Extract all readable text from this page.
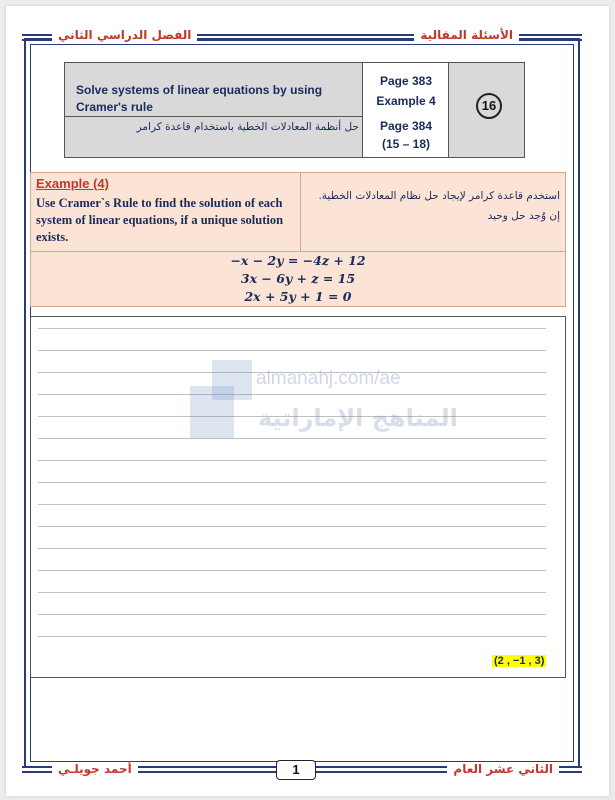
الأسئلة المقالية
الفصل الدراسي الثاني
Solve systems of linear equations by using Cramer's rule
حل أنظمة المعادلات الخطية باستخدام قاعدة كرامر
Page 383
Example 4
Page 384
(15 – 18)
16
Example (4)
Use Cramer`s Rule to find the solution of each system of linear equations, if a unique solution exists.
استخدم قاعدة كرامر لإيجاد حل نظام المعادلات الخطية. إن وُجد حل وحيد
−x − 2y = −4z + 12
3x − 6y + z = 15
2x + 5y + 1 = 0
almanahj.com/ae
المناهج الإماراتية
(2 , −1 , 3)
أحمد جويلـي	الثاني عشر العام
1
